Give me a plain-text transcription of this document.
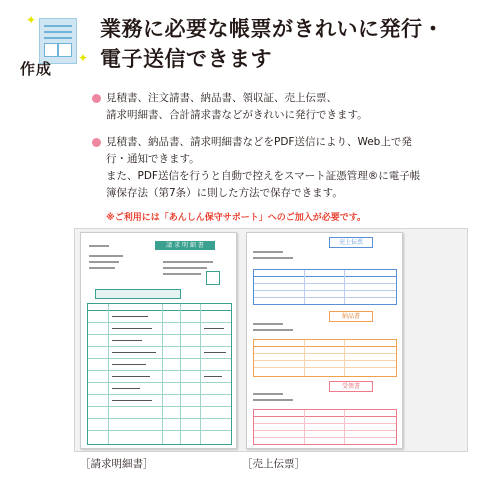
✦
✦
作成
業務に必要な帳票がきれいに発行・
電子送信できます
見積書、注文請書、納品書、領収証、売上伝票、
請求明細書、合計請求書などがきれいに発行できます。
見積書、納品書、請求明細書などをPDF送信により、Web上で発
行・通知できます。
また、PDF送信を行うと自動で控えをスマート証憑管理®に電子帳
簿保存法（第7条）に則した方法で保存できます。
※ご利用には「あんしん保守サポート」へのご加入が必要です。
請 求 明 細 書	売上伝票
納品書
受領書
［請求明細書］	［売上伝票］
